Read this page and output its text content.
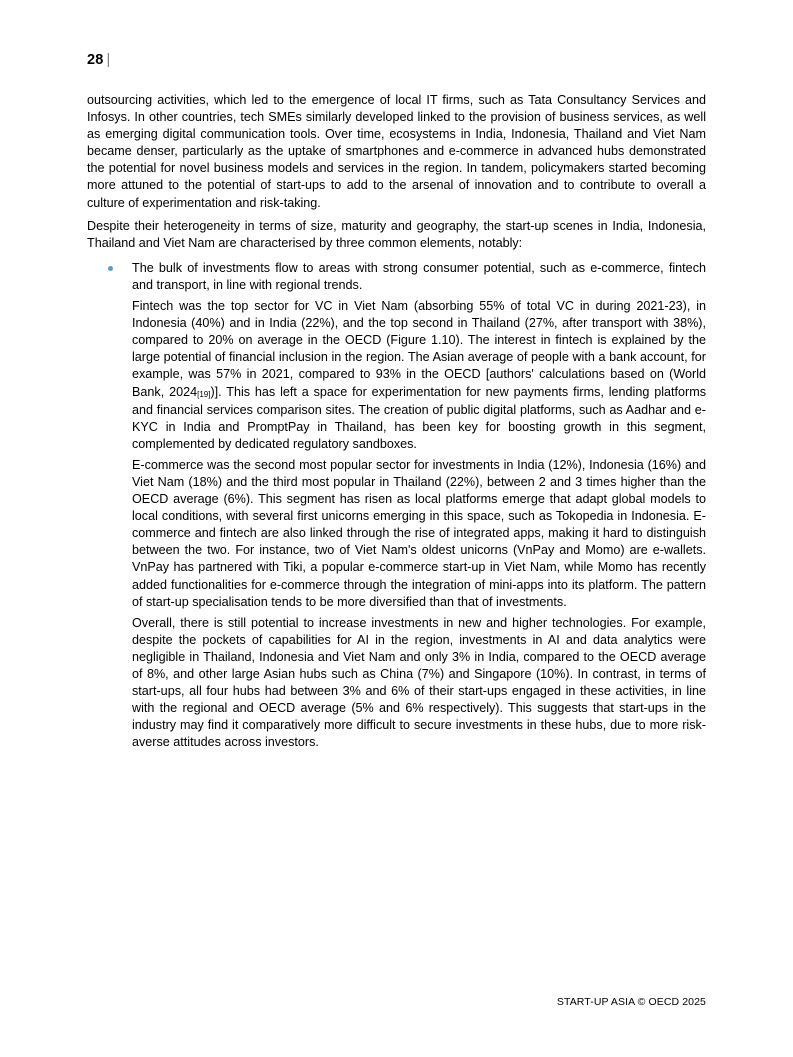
28 |

outsourcing activities, which led to the emergence of local IT firms, such as Tata Consultancy Services and Infosys. In other countries, tech SMEs similarly developed linked to the provision of business services, as well as emerging digital communication tools. Over time, ecosystems in India, Indonesia, Thailand and Viet Nam became denser, particularly as the uptake of smartphones and e-commerce in advanced hubs demonstrated the potential for novel business models and services in the region. In tandem, policymakers started becoming more attuned to the potential of start-ups to add to the arsenal of innovation and to contribute to overall a culture of experimentation and risk-taking.

Despite their heterogeneity in terms of size, maturity and geography, the start-up scenes in India, Indonesia, Thailand and Viet Nam are characterised by three common elements, notably:

The bulk of investments flow to areas with strong consumer potential, such as e-commerce, fintech and transport, in line with regional trends.

Fintech was the top sector for VC in Viet Nam (absorbing 55% of total VC in during 2021-23), in Indonesia (40%) and in India (22%), and the top second in Thailand (27%, after transport with 38%), compared to 20% on average in the OECD (Figure 1.10). The interest in fintech is explained by the large potential of financial inclusion in the region. The Asian average of people with a bank account, for example, was 57% in 2021, compared to 93% in the OECD [authors' calculations based on (World Bank, 2024[19])]. This has left a space for experimentation for new payments firms, lending platforms and financial services comparison sites. The creation of public digital platforms, such as Aadhar and e-KYC in India and PromptPay in Thailand, has been key for boosting growth in this segment, complemented by dedicated regulatory sandboxes.

E-commerce was the second most popular sector for investments in India (12%), Indonesia (16%) and Viet Nam (18%) and the third most popular in Thailand (22%), between 2 and 3 times higher than the OECD average (6%). This segment has risen as local platforms emerge that adapt global models to local conditions, with several first unicorns emerging in this space, such as Tokopedia in Indonesia. E-commerce and fintech are also linked through the rise of integrated apps, making it hard to distinguish between the two. For instance, two of Viet Nam's oldest unicorns (VnPay and Momo) are e-wallets. VnPay has partnered with Tiki, a popular e-commerce start-up in Viet Nam, while Momo has recently added functionalities for e-commerce through the integration of mini-apps into its platform. The pattern of start-up specialisation tends to be more diversified than that of investments.

Overall, there is still potential to increase investments in new and higher technologies. For example, despite the pockets of capabilities for AI in the region, investments in AI and data analytics were negligible in Thailand, Indonesia and Viet Nam and only 3% in India, compared to the OECD average of 8%, and other large Asian hubs such as China (7%) and Singapore (10%). In contrast, in terms of start-ups, all four hubs had between 3% and 6% of their start-ups engaged in these activities, in line with the regional and OECD average (5% and 6% respectively). This suggests that start-ups in the industry may find it comparatively more difficult to secure investments in these hubs, due to more risk-averse attitudes across investors.

START-UP ASIA © OECD 2025
